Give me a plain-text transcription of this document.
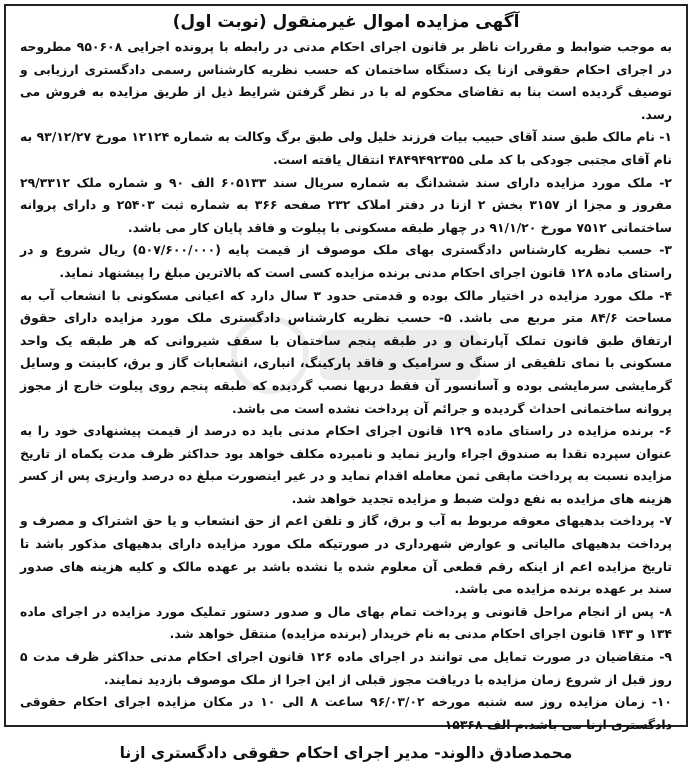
آگهی مزایده اموال غیرمنقول (نوبت اول)

به موجب ضوابط و مقررات ناظر بر قانون اجرای احکام مدنی در رابطه با پرونده اجرایی ۹۵۰۶۰۸ مطروحه در اجرای احکام حقوقی ازنا یک دستگاه ساختمان که حسب نظریه کارشناس رسمی دادگستری ارزیابی و توصیف گردیده است بنا به تقاضای محکوم له با در نظر گرفتن شرایط ذیل از طریق مزایده به فروش می رسد.

۱- نام مالک طبق سند آقای حبیب بیات فرزند خلیل ولی طبق برگ وکالت به شماره ۱۲۱۲۴ مورخ ۹۳/۱۲/۲۷ به نام آقای مجتبی جودکی با کد ملی ۴۸۴۹۴۹۲۳۵۵ انتقال یافته است.

۲- ملک مورد مزایده دارای سند ششدانگ به شماره سریال سند ۶۰۵۱۳۳ الف ۹۰ و شماره ملک ۲۹/۳۳۱۲ مفروز و مجزا از ۳۱۵۷ بخش ۲ ازنا در دفتر املاک ۲۳۲ صفحه ۳۶۶ به شماره ثبت ۲۵۴۰۳ و دارای پروانه ساختمانی ۷۵۱۲ مورخ ۹۱/۱/۲۰ در چهار طبقه مسکونی با پیلوت و فاقد پایان کار می باشد.

۳- حسب نظریه کارشناس دادگستری بهای ملک موصوف از قیمت پایه (۵۰۷/۶۰۰/۰۰۰) ریال شروع و در راستای ماده ۱۲۸ قانون اجرای احکام مدنی برنده مزایده کسی است که بالاترین مبلغ را پیشنهاد نماید.

۴- ملک مورد مزایده در اختیار مالک بوده و قدمتی حدود ۳ سال دارد که اعیانی مسکونی با انشعاب آب به مساحت ۸۴/۶ متر مربع می باشد. ۵- حسب نظریه کارشناس دادگستری ملک مورد مزایده دارای حقوق ارتفاق طبق قانون تملک آپارتمان و در طبقه پنجم ساختمان با سقف شیروانی که هر طبقه یک واحد مسکونی با نمای تلفیقی از سنگ و سرامیک و فاقد پارکینگ، انباری، انشعابات گاز و برق، کابینت و وسایل گرمایشی سرمایشی بوده و آسانسور آن فقط دربها نصب گردیده که طبقه پنجم روی پیلوت خارج از مجوز پروانه ساختمانی احداث گردیده و جرائم آن پرداخت نشده است می باشد.

۶- برنده مزایده در راستای ماده ۱۲۹ قانون اجرای احکام مدنی باید ده درصد از قیمت پیشنهادی خود را به عنوان سپرده نقدا به صندوق اجراء واریز نماید و نامبرده مکلف خواهد بود حداکثر ظرف مدت یکماه از تاریخ مزایده نسبت به پرداخت مابقی ثمن معامله اقدام نماید و در غیر اینصورت مبلغ ده درصد واریزی پس از کسر هزینه های مزایده به نفع دولت ضبط و مزایده تجدید خواهد شد.

۷- پرداخت بدهیهای معوقه مربوط به آب و برق، گاز و تلفن اعم از حق انشعاب و یا حق اشتراک و مصرف و پرداخت بدهیهای مالیاتی و عوارض شهرداری در صورتیکه ملک مورد مزایده دارای بدهیهای مذکور باشد تا تاریخ مزایده اعم از اینکه رقم قطعی آن معلوم شده یا نشده باشد بر عهده مالک و کلیه هزینه های صدور سند بر عهده برنده مزایده می باشد.

۸- پس از انجام مراحل قانونی و پرداخت تمام بهای مال و صدور دستور تملیک مورد مزایده در اجرای ماده ۱۳۴ و ۱۴۳ قانون اجرای احکام مدنی به نام خریدار (برنده مزایده) منتقل خواهد شد.

۹- متقاضیان در صورت تمایل می توانند در اجرای ماده ۱۲۶ قانون اجرای احکام مدنی حداکثر ظرف مدت ۵ روز قبل از شروع زمان مزایده با دریافت مجوز قبلی از این اجرا از ملک موصوف بازدید نمایند.

۱۰- زمان مزایده روز سه شنبه مورخه ۹۶/۰۳/۰۲ ساعت ۸ الی ۱۰ در مکان مزایده اجرای احکام حقوقی دادگستری ازنا می باشد.م الف ۱۵۳۶۸

محمدصادق دالوند- مدیر اجرای احکام حقوقی دادگستری ازنا
